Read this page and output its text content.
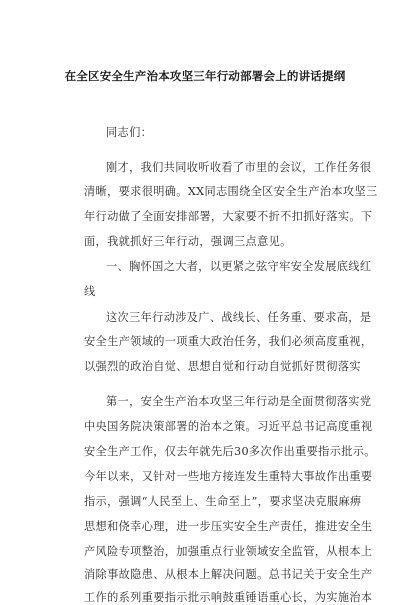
在全区安全生产治本攻坚三年行动部署会上的讲话提纲
同志们：
刚才，我们共同收听收看了市里的会议，工作任务很
清晰，要求很明确。XX同志围绕全区安全生产治本攻坚三
年行动做了全面安排部署，大家要不折不扣抓好落实。下
面，我就抓好三年行动，强调三点意见。
一、胸怀国之大者，以更紧之弦守牢安全发展底线红
线
这次三年行动涉及广、战线长、任务重、要求高，是
安全生产领域的一项重大政治任务，我们必须高度重视，
以强烈的政治自觉、思想自觉和行动自觉抓好贯彻落实
第一，安全生产治本攻坚三年行动是全面贯彻落实党
中央国务院决策部署的治本之策。习近平总书记高度重视
安全生产工作，仅去年就先后30多次作出重要指示批示。
今年以来，又针对一些地方接连发生重特大事故作出重要
指示，强调“人民至上、生命至上”，要求坚决克服麻痹
思想和侥幸心理，进一步压实安全生产责任，推进安全生
产风险专项整治，加强重点行业领域安全监管，从根本上
消除事故隐患、从根本上解决问题。总书记关于安全生产
工作的系列重要指示批示响鼓重锤语重心长，为实施治本
